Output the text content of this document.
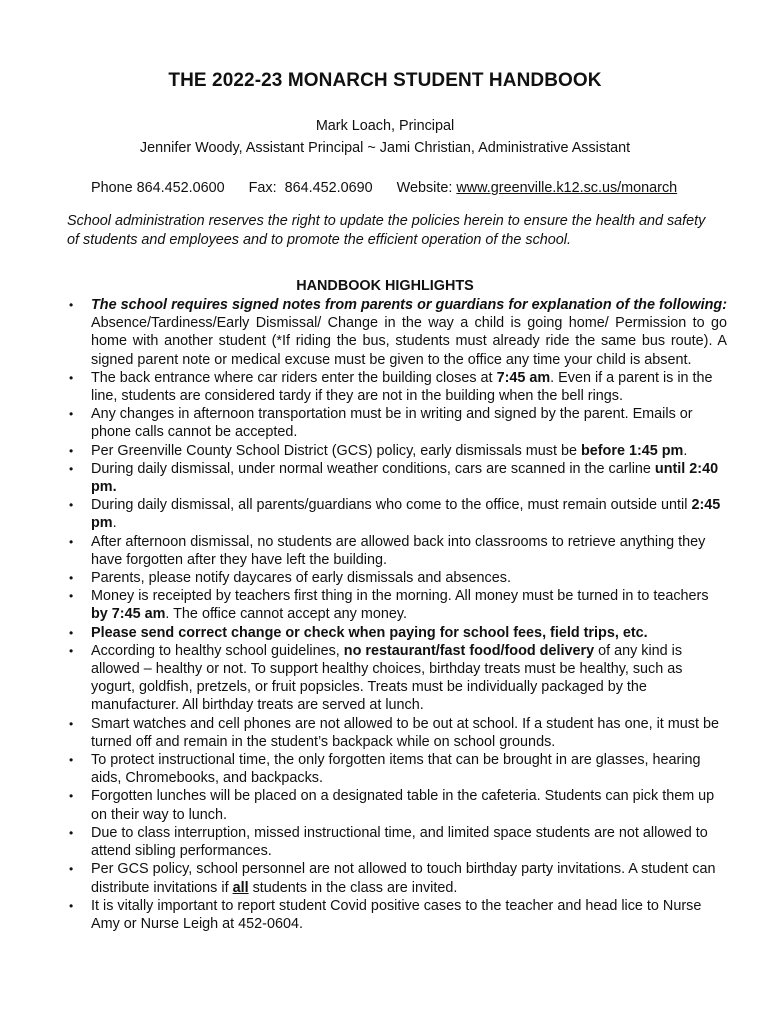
THE 2022-23 MONARCH STUDENT HANDBOOK
Mark Loach, Principal
Jennifer Woody, Assistant Principal ~ Jami Christian, Administrative Assistant
Phone 864.452.0600 Fax:  864.452.0690 Website: www.greenville.k12.sc.us/monarch
School administration reserves the right to update the policies herein to ensure the health and safety of students and employees and to promote the efficient operation of the school.
HANDBOOK HIGHLIGHTS
• The school requires signed notes from parents or guardians for explanation of the following: Absence/Tardiness/Early Dismissal/ Change in the way a child is going home/ Permission to go home with another student (*If riding the bus, students must already ride the same bus route). A signed parent note or medical excuse must be given to the office any time your child is absent.
• The back entrance where car riders enter the building closes at 7:45 am. Even if a parent is in the line, students are considered tardy if they are not in the building when the bell rings.
• Any changes in afternoon transportation must be in writing and signed by the parent. Emails or phone calls cannot be accepted.
• Per Greenville County School District (GCS) policy, early dismissals must be before 1:45 pm.
• During daily dismissal, under normal weather conditions, cars are scanned in the carline until 2:40 pm.
• During daily dismissal, all parents/guardians who come to the office, must remain outside until 2:45 pm.
• After afternoon dismissal, no students are allowed back into classrooms to retrieve anything they have forgotten after they have left the building.
• Parents, please notify daycares of early dismissals and absences.
• Money is receipted by teachers first thing in the morning. All money must be turned in to teachers by 7:45 am. The office cannot accept any money.
• Please send correct change or check when paying for school fees, field trips, etc.
• According to healthy school guidelines, no restaurant/fast food/food delivery of any kind is allowed – healthy or not. To support healthy choices, birthday treats must be healthy, such as yogurt, goldfish, pretzels, or fruit popsicles. Treats must be individually packaged by the manufacturer. All birthday treats are served at lunch.
• Smart watches and cell phones are not allowed to be out at school. If a student has one, it must be turned off and remain in the student’s backpack while on school grounds.
• To protect instructional time, the only forgotten items that can be brought in are glasses, hearing aids, Chromebooks, and backpacks.
• Forgotten lunches will be placed on a designated table in the cafeteria. Students can pick them up on their way to lunch.
• Due to class interruption, missed instructional time, and limited space students are not allowed to attend sibling performances.
• Per GCS policy, school personnel are not allowed to touch birthday party invitations. A student can distribute invitations if all students in the class are invited.
• It is vitally important to report student Covid positive cases to the teacher and head lice to Nurse Amy or Nurse Leigh at 452-0604.
